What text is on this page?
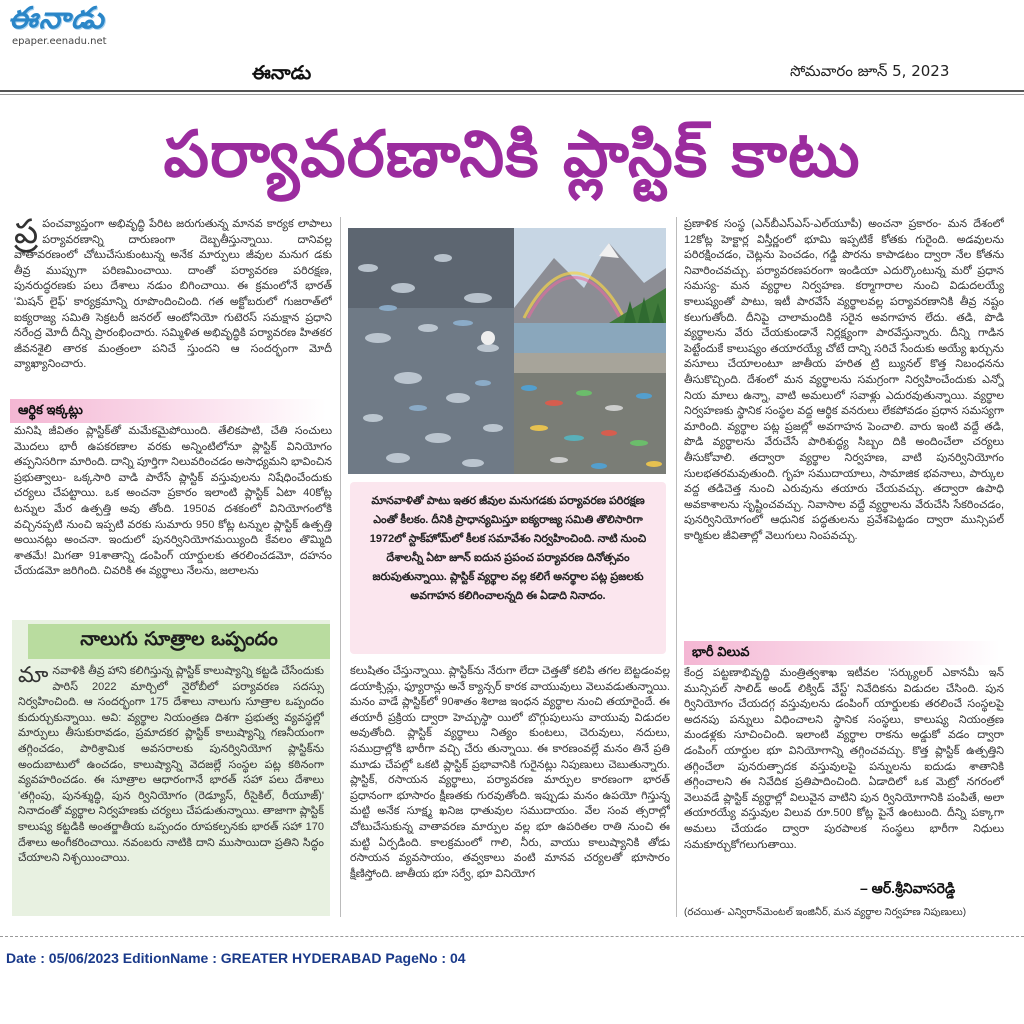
ఈనాడు
epaper.eenadu.net
ఈనాడు	సోమవారం జూన్ 5, 2023
పర్యావరణానికి ప్లాస్టిక్ కాటు
ప్ర పంచవ్యాప్తంగా అభివృద్ధి పేరిట జరుగుతున్న మానవ కార్యక లాపాలు పర్యావరణాన్ని దారుణంగా దెబ్బతీస్తున్నాయి. దానివల్ల వాతావరణంలో చోటుచేసుకుంటున్న అనేక మార్పులు జీవుల మనుగ డకు తీవ్ర ముప్పుగా పరిణమించాయి. దాంతో పర్యావరణ పరిరక్షణ, పునరుద్ధరణకు పలు దేశాలు నడుం బిగించాయి. ఈ క్రమంలోనే భారత్ 'మిషన్ లైఫ్' కార్యక్రమాన్ని రూపొందించింది. గత అక్టోబరులో గుజరాత్‌లో ఐక్యరాజ్య సమితి సెక్రటరీ జనరల్ ఆంటోనియో గుటెరస్ సమక్షాన ప్రధాని నరేంద్ర మోదీ దీన్ని ప్రారంభించారు. సమ్మిళిత అభివృద్ధికి పర్యావరణ హితకర జీవనశైలి తారక మంత్రంలా పనిచే స్తుందని ఆ సందర్భంగా మోదీ వ్యాఖ్యానించారు.
ఆర్థిక ఇక్కట్లు
మనిషి జీవితం ప్లాస్టిక్‌తో మమేకమైపోయింది. తేలికపాటి, చేతి సంచులు మొదలు భారీ ఉపకరణాల వరకు అన్నింటిలోనూ ప్లాస్టిక్ వినియోగం తప్పనిసరిగా మారింది. దాన్ని పూర్తిగా నిలువరించడం అసాధ్యమని భావించిన ప్రభుత్వాలు- ఒక్కసారి వాడి పారేసే ప్లాస్టిక్ వస్తువులను నిషేధించేందుకు చర్యలు చేపట్టాయి. ఒక అంచనా ప్రకారం ఇలాంటి ప్లాస్టిక్ ఏటా 40కోట్ల టన్నుల మేర ఉత్పత్తి అవు తోంది. 1950వ దశకంలో వినియోగంలోకి వచ్చినప్పటి నుంచి ఇప్పటి వరకు సుమారు 950 కోట్ల టన్నుల ప్లాస్టిక్ ఉత్పత్తి అయినట్లు అంచనా. ఇందులో పునర్వినియోగమయ్యింది కేవలం తొమ్మిది శాతమే! మిగతా 91శాతాన్ని డంపింగ్ యార్డులకు తరలించడమో, దహనం చేయడమో జరిగింది. చివరికి ఈ వ్యర్థాలు నేలను, జలాలను
నాలుగు సూత్రాల ఒప్పందం
మానవాళికి తీవ్ర హాని కలిగిస్తున్న ప్లాస్టిక్ కాలుష్యాన్ని కట్టడి చేసేందుకు పారిస్ 2022 మార్చిలో నైరోబీలో పర్యావరణ సదస్సు నిర్వహించింది. ఆ సందర్భంగా 175 దేశాలు నాలుగు సూత్రాల ఒప్పందం కుదుర్చుకున్నాయి. అవి: వ్యర్థాల నియంత్రణ దిశగా ప్రభుత్వ వ్యవస్థల్లో మార్పులు తీసుకురావడం, ప్రమాదకర ప్లాస్టిక్ కాలుష్యాన్ని గణనీయంగా తగ్గించడం, పారిశ్రామిక అవసరాలకు పునర్వినియోగ ప్లాస్టిక్‌ను అందుబాటులో ఉంచడం, కాలుష్యాన్ని వెదజల్లే సంస్థల పట్ల కఠినంగా వ్యవహరించడం. ఈ సూత్రాల ఆధారంగానే భారత్ సహా పలు దేశాలు 'తగ్గింపు, పునశ్శుద్ధి, పున ర్వినియోగం (రెడ్యూస్, రీసైకిల్, రీయూజ్)' నినాదంతో వ్యర్థాల నిర్వహణకు చర్యలు చేపడుతున్నాయి. తాజాగా ప్లాస్టిక్ కాలుష్య కట్టడికి అంతర్జాతీయ ఒప్పందం రూపకల్పనకు భారత్ సహా 170 దేశాలు అంగీకరించాయి. నవంబరు నాటికి దాని ముసాయిదా ప్రతిని సిద్ధం చేయాలని నిశ్చయించాయి.
మానవాళితో పాటు ఇతర జీవుల మనుగడకు పర్యావరణ పరిరక్షణ ఎంతో కీలకం. దీనికి ప్రాధాన్యమిస్తూ ఐక్యరాజ్య సమితి తొలిసారిగా 1972లో స్టాక్‌హోమ్‌లో కీలక సమావేశం నిర్వహించింది. నాటి నుంచి దేశాలన్నీ ఏటా జూన్ ఐదున ప్రపంచ పర్యావరణ దినోత్సవం జరుపుతున్నాయి. ప్లాస్టిక్ వ్యర్థాల వల్ల కలిగే అనర్థాల పట్ల ప్రజలకు అవగాహన కలిగించాలన్నది ఈ ఏడాది నినాదం.
కలుషితం చేస్తున్నాయి. ప్లాస్టిక్‌ను నేరుగా లేదా చెత్తతో కలిపి తగల బెట్టడంవల్ల డయాక్సిన్లు, ఫ్యూరాన్లు అనే క్యాన్సర్ కారక వాయువులు వెలువడుతున్నాయి. మనం వాడే ప్లాస్టిక్‌లో 90శాతం శిలాజ ఇంధన వ్యర్థాల నుంచి తయారైందే. ఈ తయారీ ప్రక్రియ ద్వారా హెచ్చుస్థా యిలో బొగ్గుపులుసు వాయువు విడుదల అవుతోంది. ప్లాస్టిక్ వ్యర్థాలు నిత్యం కుంటలు, చెరువులు, నదులు, సముద్రాల్లోకి భారీగా వచ్చి చేరు తున్నాయి. ఈ కారణంవల్లే మనం తినే ప్రతి మూడు చేపల్లో ఒకటి ప్లాస్టిక్ ప్రభావానికి గురైనట్లు నిపుణులు చెబుతున్నారు. ప్లాస్టిక్, రసాయన వ్యర్థాలు, పర్యావరణ మార్పుల కారణంగా భారత్ ప్రధానంగా భూసారం క్షీణతకు గురవుతోంది. ఇప్పుడు మనం ఉపయో గిస్తున్న మట్టి అనేక సూక్ష్మ ఖనిజ ధాతువుల సముదాయం. వేల సంవ త్సరాల్లో చోటుచేసుకున్న వాతావరణ మార్పుల వల్ల భూ ఉపరితల రాతి నుంచి ఈ మట్టి ఏర్పడింది. కాలక్రమంలో గాలి, నీరు, వాయు కాలుష్యానికి తోడు రసాయన వ్యవసాయం, తవ్వకాలు వంటి మానవ చర్యలతో భూసారం క్షీణిస్తోంది. జాతీయ భూ సర్వే, భూ వినియోగ
ప్రణాళిక సంస్థ (ఎన్‌బీఎస్‌ఎస్-ఎల్‌యూపీ) అంచనా ప్రకారం- మన దేశంలో 12కోట్ల హెక్టార్ల విస్తీర్ణంలో భూమి ఇప్పటికే కోతకు గురైంది. అడవులను పరిరక్షించడం, చెట్లను పెంచడం, గడ్డి పొరను కాపాడటం ద్వారా నేల కోతను నివారించవచ్చు. పర్యావరణపరంగా ఇండియా ఎదుర్కొంటున్న మరో ప్రధాన సమస్య- మన వ్యర్థాల నిర్వహణ. కర్మాగారాల నుంచి విడుదలయ్యే కాలుష్యంతో పాటు, ఇటీ పారవేసే వ్యర్థాలవల్ల పర్యావరణానికి తీవ్ర నష్టం కలుగుతోంది. దీనిపై చాలామందికి సరైన అవగాహన లేదు. తడి, పొడి వ్యర్థాలను వేరు చేయకుండానే నిర్లక్ష్యంగా పారవేస్తున్నారు. దీన్ని గాడిన పెట్టేందుకే కాలుష్యం తయారయ్యే చోటే దాన్ని సరిచే సేందుకు అయ్యే ఖర్చును వసూలు చేయాలంటూ జాతీయ హరిత ట్రి బ్యునల్ కొత్త నిబంధనను తీసుకొచ్చింది. దేశంలో మన వ్యర్థాలను సమగ్రంగా నిర్వహించేందుకు ఎన్నో నియ మాలు ఉన్నా, వాటి అమలులో సవాళ్లు ఎదురవుతున్నాయి. వ్యర్థాల నిర్వహణకు స్థానిక సంస్థల వద్ద ఆర్థిక వనరులు లేకపోవడం ప్రధాన సమస్యగా మారింది. వ్యర్థాల పట్ల ప్రజల్లో అవగాహన పెంచాలి. వారు ఇంటి వద్దే తడి, పొడి వ్యర్థాలను వేరుచేసే పారిశుద్ధ్య సిబ్బం దికి అందించేలా చర్యలు తీసుకోవాలి. తద్వారా వ్యర్థాల నిర్వహణ, వాటి పునర్వినియోగం సులభతరమవుతుంది. గృహ సముదాయాలు, సామాజిక భవనాలు, పార్కుల వద్ద తడిచెత్త నుంచి ఎరువును తయారు చేయవచ్చు. తద్వారా ఉపాధి అవకాశాలను సృష్టించవచ్చు. నివాసాల వద్దే వ్యర్థాలను వేరుచేసి సేకరించడం, పునర్వినియోగంలో ఆధునిక పద్ధతులను ప్రవేశపెట్టడం ద్వారా మున్సిపల్ కార్మికుల జీవితాల్లో వెలుగులు నింపవచ్చు.
భారీ విలువ
కేంద్ర పట్టణాభివృద్ధి మంత్రిత్వశాఖ ఇటీవల 'సర్క్యులర్ ఎకానమీ ఇన్ మున్సిపల్ సాలిడ్ అండ్ లిక్విడ్ వేస్ట్' నివేదికను విడుదల చేసింది. పున ర్వినియోగం చేయదగ్గ వస్తువులను డంపింగ్ యార్డులకు తరలించే సంస్థలపై అదనపు పన్నులు విధించాలని స్థానిక సంస్థలు, కాలుష్య నియంత్రణ మండళ్లకు సూచించింది. ఇలాంటి వ్యర్థాల రాకను అడ్డుకో వడం ద్వారా డంపింగ్ యార్డుల భూ వినియోగాన్ని తగ్గించవచ్చు. కొత్త ప్లాస్టిక్ ఉత్పత్తిని తగ్గించేలా పునరుత్పాదక వస్తువులపై పన్నులను ఐదుడు శాతానికి తగ్గించాలని ఈ నివేదిక ప్రతిపాదించింది. ఏడాదిలో ఒక మెట్రో నగరంలో వెలువడే ప్లాస్టిక్ వ్యర్థాల్లో విలువైన వాటిని పున ర్వినియోగానికి పంపితే, అలా తయారయ్యే వస్తువుల విలువ రూ.500 కోట్ల పైనే ఉంటుంది. దీన్ని పక్కాగా అమలు చేయడం ద్వారా పురపాలక సంస్థలు భారీగా నిధులు సమకూర్చుకోగలుగుతాయి.
– ఆర్.శ్రీనివాసరెడ్డి
(రచయిత- ఎన్విరాన్‌మెంటల్ ఇంజినీర్, మన వ్యర్థాల నిర్వహణ నిపుణులు)
Date : 05/06/2023 EditionName : GREATER HYDERABAD PageNo : 04
